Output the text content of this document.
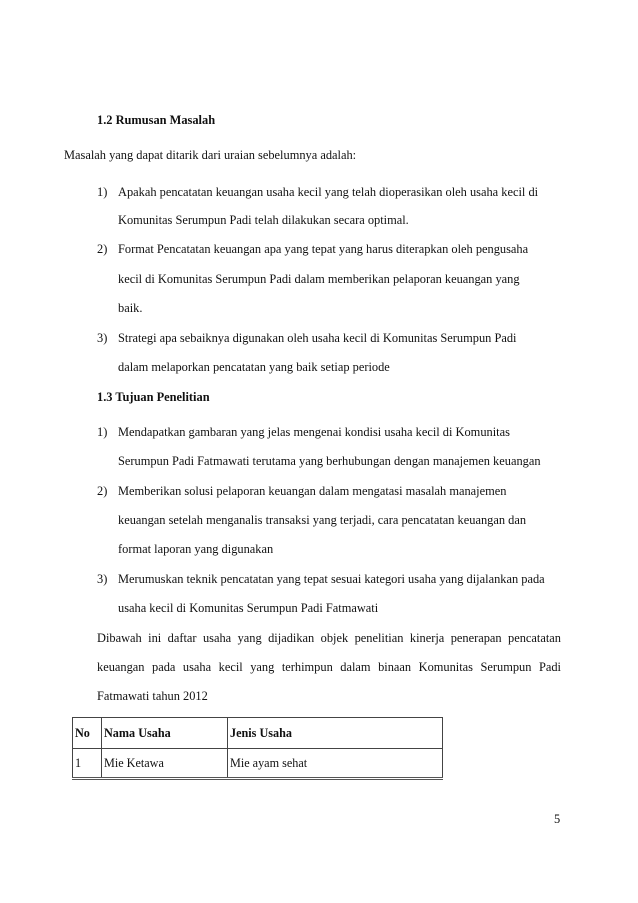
1.2 Rumusan Masalah
Masalah yang dapat ditarik dari uraian sebelumnya adalah:
1) Apakah pencatatan keuangan usaha kecil yang telah dioperasikan oleh usaha kecil di
Komunitas Serumpun Padi telah dilakukan secara optimal.
2) Format Pencatatan keuangan apa yang tepat yang harus diterapkan oleh pengusaha
kecil di Komunitas Serumpun Padi dalam memberikan pelaporan keuangan yang
baik.
3) Strategi apa sebaiknya digunakan oleh usaha kecil di Komunitas Serumpun Padi
dalam melaporkan pencatatan yang baik setiap periode
1.3 Tujuan Penelitian
1) Mendapatkan gambaran yang jelas mengenai kondisi usaha kecil di Komunitas
Serumpun Padi Fatmawati terutama yang berhubungan dengan manajemen keuangan
2) Memberikan solusi pelaporan keuangan dalam mengatasi masalah manajemen
keuangan setelah menganalis transaksi yang terjadi, cara pencatatan keuangan dan
format laporan yang digunakan
3) Merumuskan teknik pencatatan yang tepat sesuai kategori usaha yang dijalankan pada
usaha kecil di Komunitas Serumpun Padi Fatmawati
Dibawah ini daftar usaha yang dijadikan objek penelitian kinerja penerapan pencatatan
keuangan pada usaha kecil yang terhimpun dalam binaan Komunitas Serumpun Padi
Fatmawati tahun 2012
No	Nama Usaha	Jenis Usaha
1	Mie Ketawa	Mie ayam sehat
5
